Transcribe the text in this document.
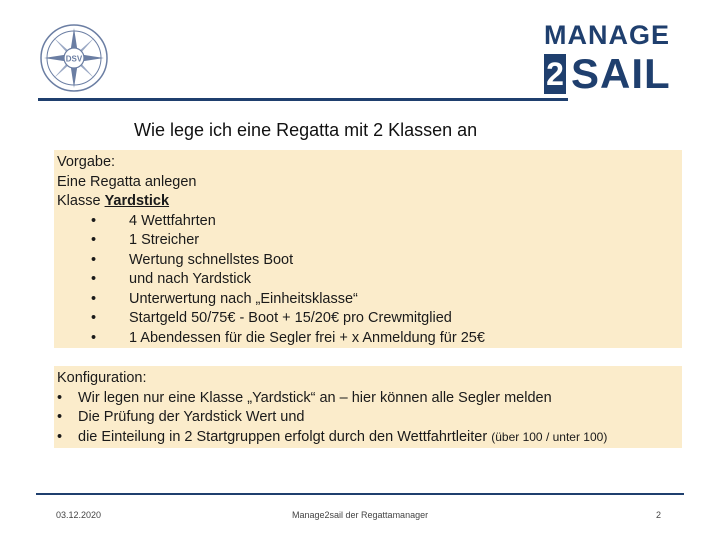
DSV
MANAGE
2 SAIL
Wie lege ich eine Regatta mit 2 Klassen an
Vorgabe:
Eine Regatta anlegen
Klasse Yardstick
• 4 Wettfahrten
• 1 Streicher
• Wertung schnellstes Boot
• und nach Yardstick
• Unterwertung nach „Einheitsklasse“
• Startgeld 50/75€ - Boot + 15/20€ pro Crewmitglied
• 1 Abendessen für die Segler frei + x Anmeldung für 25€
Konfiguration:
• Wir legen nur eine Klasse „Yardstick“ an – hier können alle Segler melden
• Die Prüfung der Yardstick Wert und
• die Einteilung in 2 Startgruppen erfolgt durch den Wettfahrtleiter (über 100 / unter 100)
03.12.2020	Manage2sail der Regattamanager	2
